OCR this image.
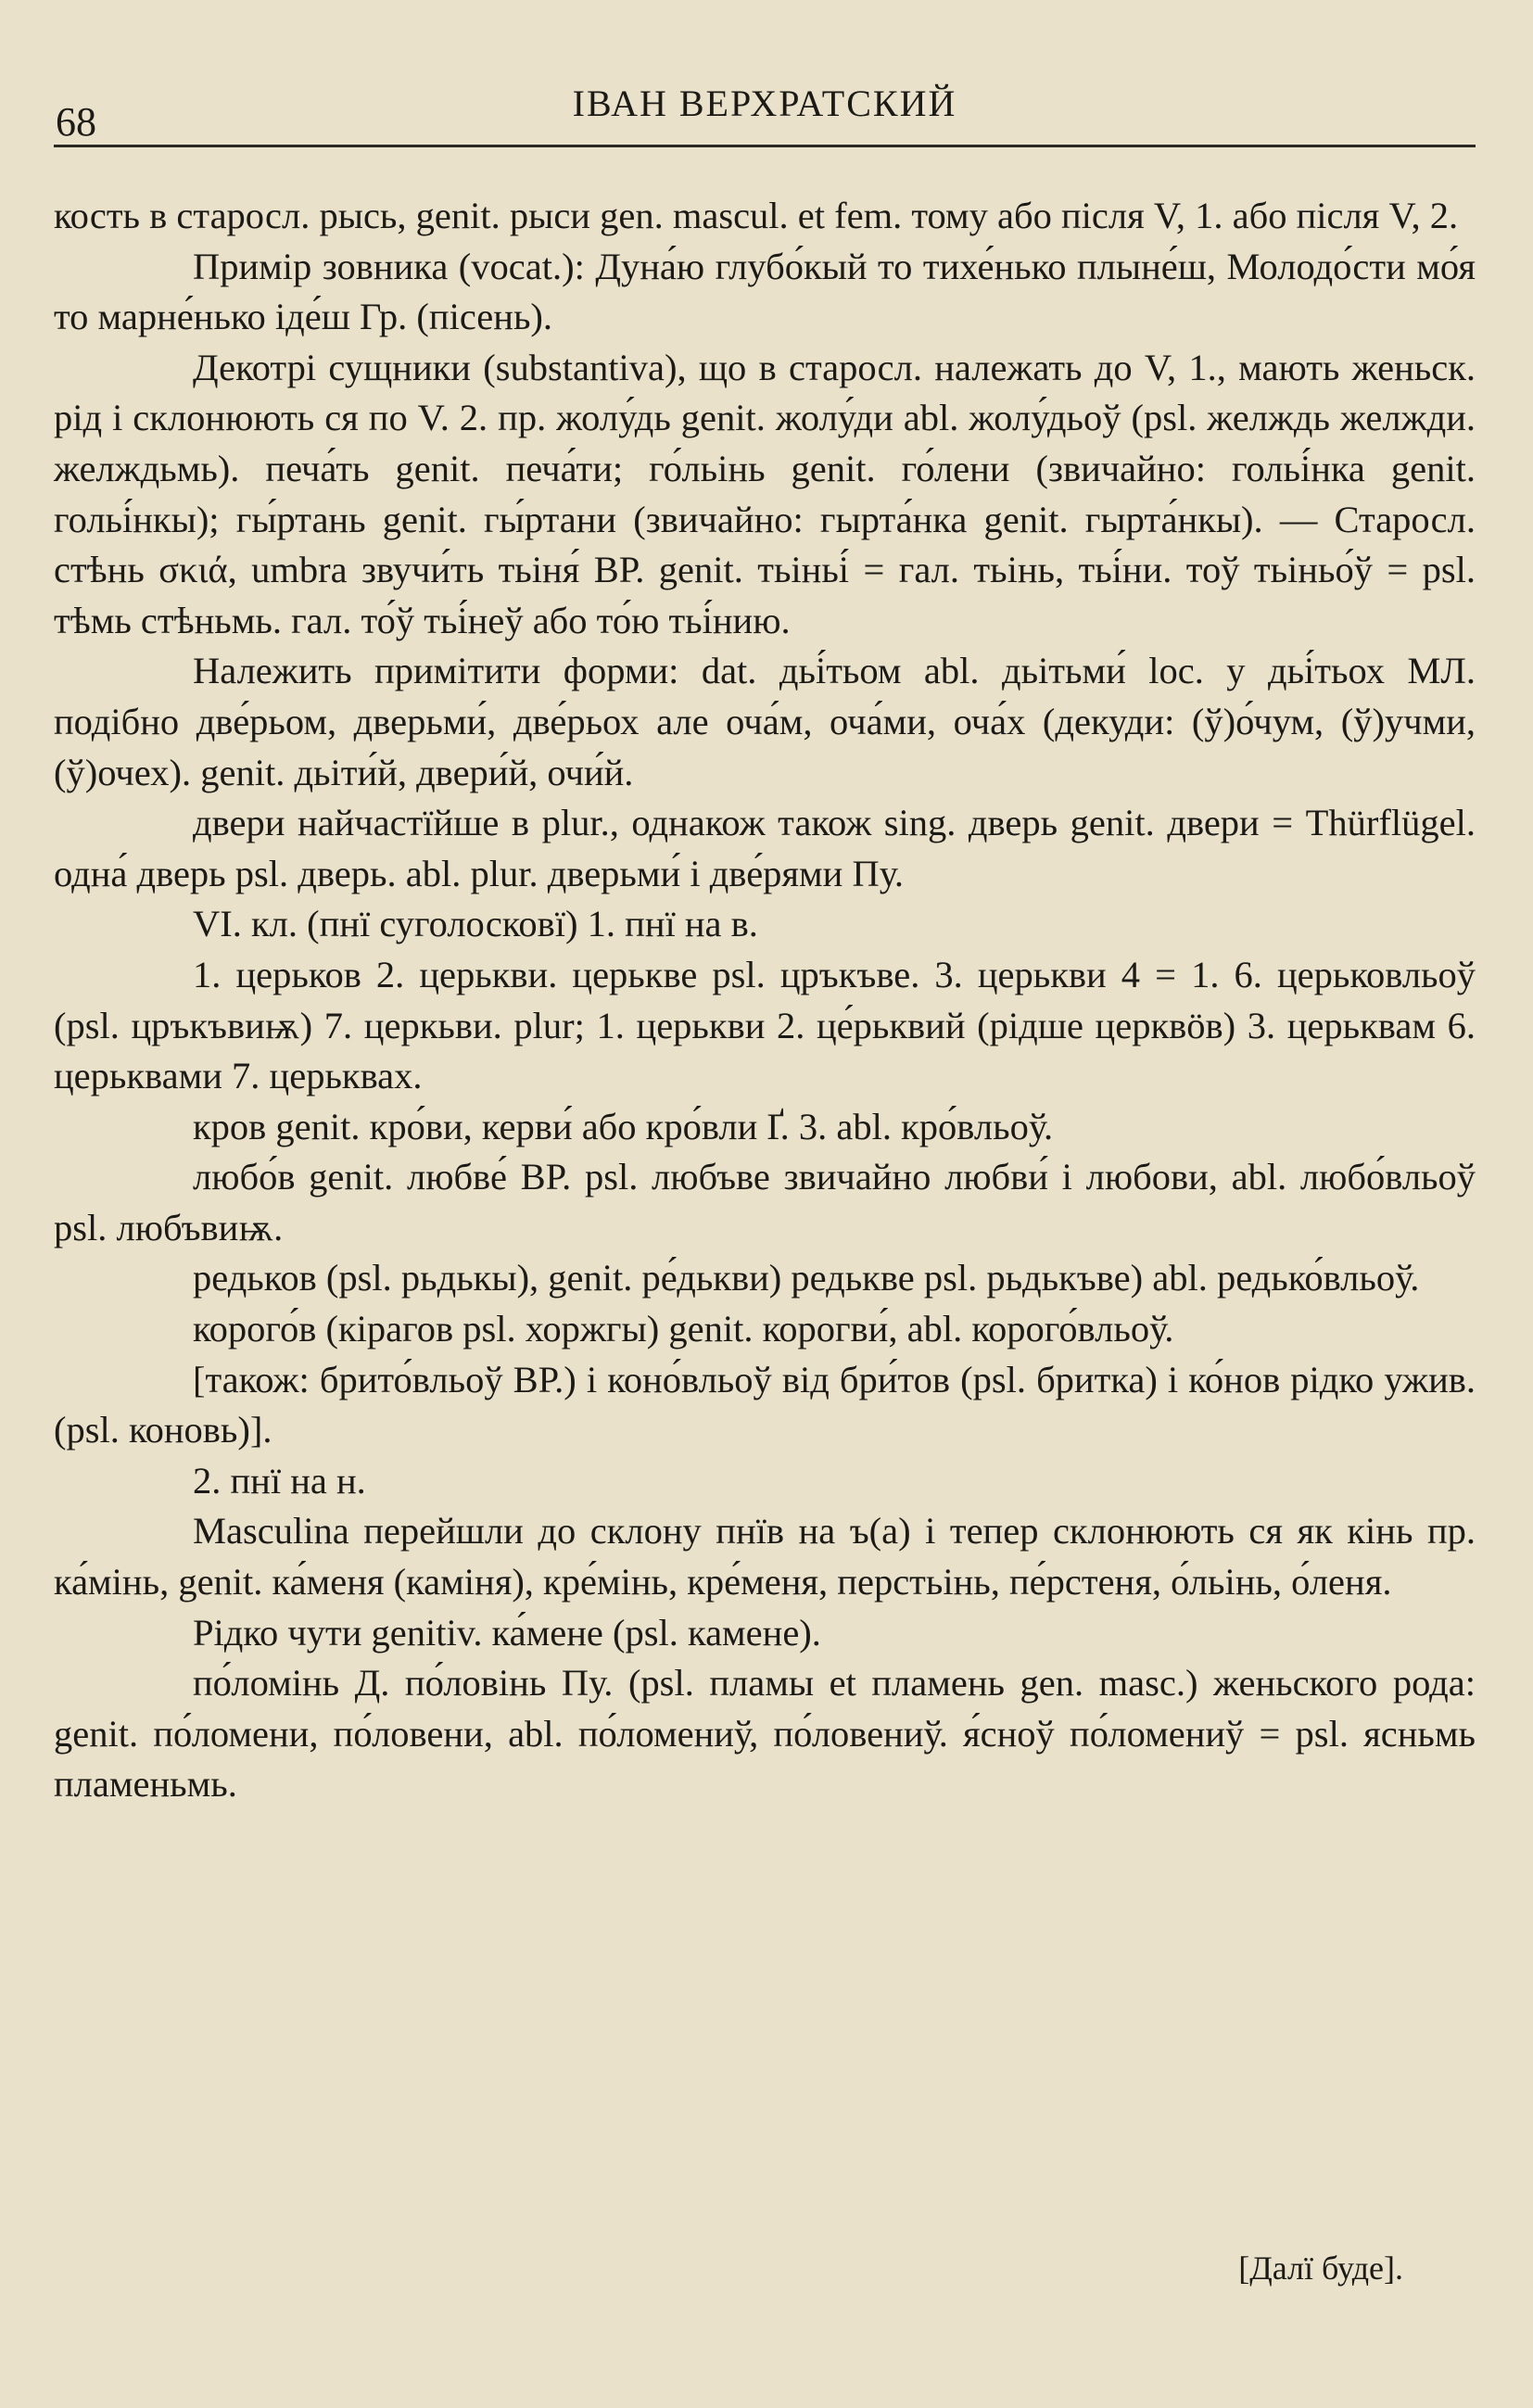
68	ІВАН ВЕРХРАТСКИЙ

кость в старосл. рысь, genit. рыси gen. mascul. et fem. тому або після V, 1. або після V, 2.

Примір зовника (vocat.): Дуна́ю глубо́кый то тихе́нько плыне́ш, Молодо́сти мо́я то марне́нько іде́ш Гр. (пісень).

Декотрі сущники (substantiva), що в старосл. належать до V, 1., мають женьск. рід і склонюють ся по V. 2. пр. жолу́дь genit. жолу́ди abl. жолу́дьоў (psl. желждь желжди. желждьмь). печа́ть genit. печа́ти; го́льінь genit. го́лени (звичайно: гольі́нка genit. гольі́нкы); гы́ртань genit. гы́ртани (звичайно: гырта́нка genit. гырта́нкы). — Старосл. стѣнь σκιά, umbra звучи́ть тьіня́ ВР. genit. тьіньі́ = гал. тьінь, тьі́ни. тоў тьіньо́ў = psl. тѣмь стѣньмь. гал. то́ў тьі́неў або то́ю тьі́нию.

Належить примітити форми: dat. дьі́тьом abl. дьітьми́ loc. у дьі́тьох МЛ. подібно две́рьом, дверьми́, две́рьох але оча́м, оча́ми, оча́х (декуди: (ў)о́чум, (ў)учми, (ў)очех). genit. дьіти́й, двери́й, очи́й.

двери найчастїйше в plur., однакож також sing. дверь genit. двери = Thürflügel. одна́ дверь psl. дверь. abl. plur. дверьми́ і две́рями Пу.

VI. кл. (пнї суголосковї) 1. пнї на в.

1. церьков 2. церькви. церькве psl. цръкъве. 3. церькви 4 = 1. 6. церьковльоў (psl. цръкъвиѭ) 7. церкьви. plur; 1. церькви 2. це́рьквий (рідше церквӧв) 3. церьквам 6. церьквами 7. церьквах.

кров genit. кро́ви, керви́ або кро́вли Ґ. 3. abl. кро́вльоў.

любо́в genit. любве́ ВР. psl. любъве звичайно любви́ і любови, abl. любо́вльоў psl. любъвиѭ.

редьков (psl. рьдькы), genit. ре́дькви) редькве psl. рьдькъве) abl. редько́вльоў.

корого́в (кірагов psl. хоржгы) genit. корогви́, abl. корого́вльоў.

[також: брито́вльоў ВР.) і коно́вльоў від бри́тов (psl. бритка) і ко́нов рідко ужив. (psl. коновь)].

2. пнї на н.

Masculina перейшли до склону пнїв на ъ(а) і тепер склонюють ся як кінь пр. ка́мінь, genit. ка́меня (каміня), кре́мінь, кре́меня, перстьінь, пе́рстеня, о́льінь, о́леня.

Рідко чути genitiv. ка́мене (psl. камене).

по́ломінь Д. по́ловінь Пу. (psl. пламы et пламень gen. masc.) женьского рода: genit. по́ломени, по́ловени, abl. по́ломениў, по́ловениў. я́сноў по́ломениў = psl. ясньмь пламеньмь.

[Далї буде].
